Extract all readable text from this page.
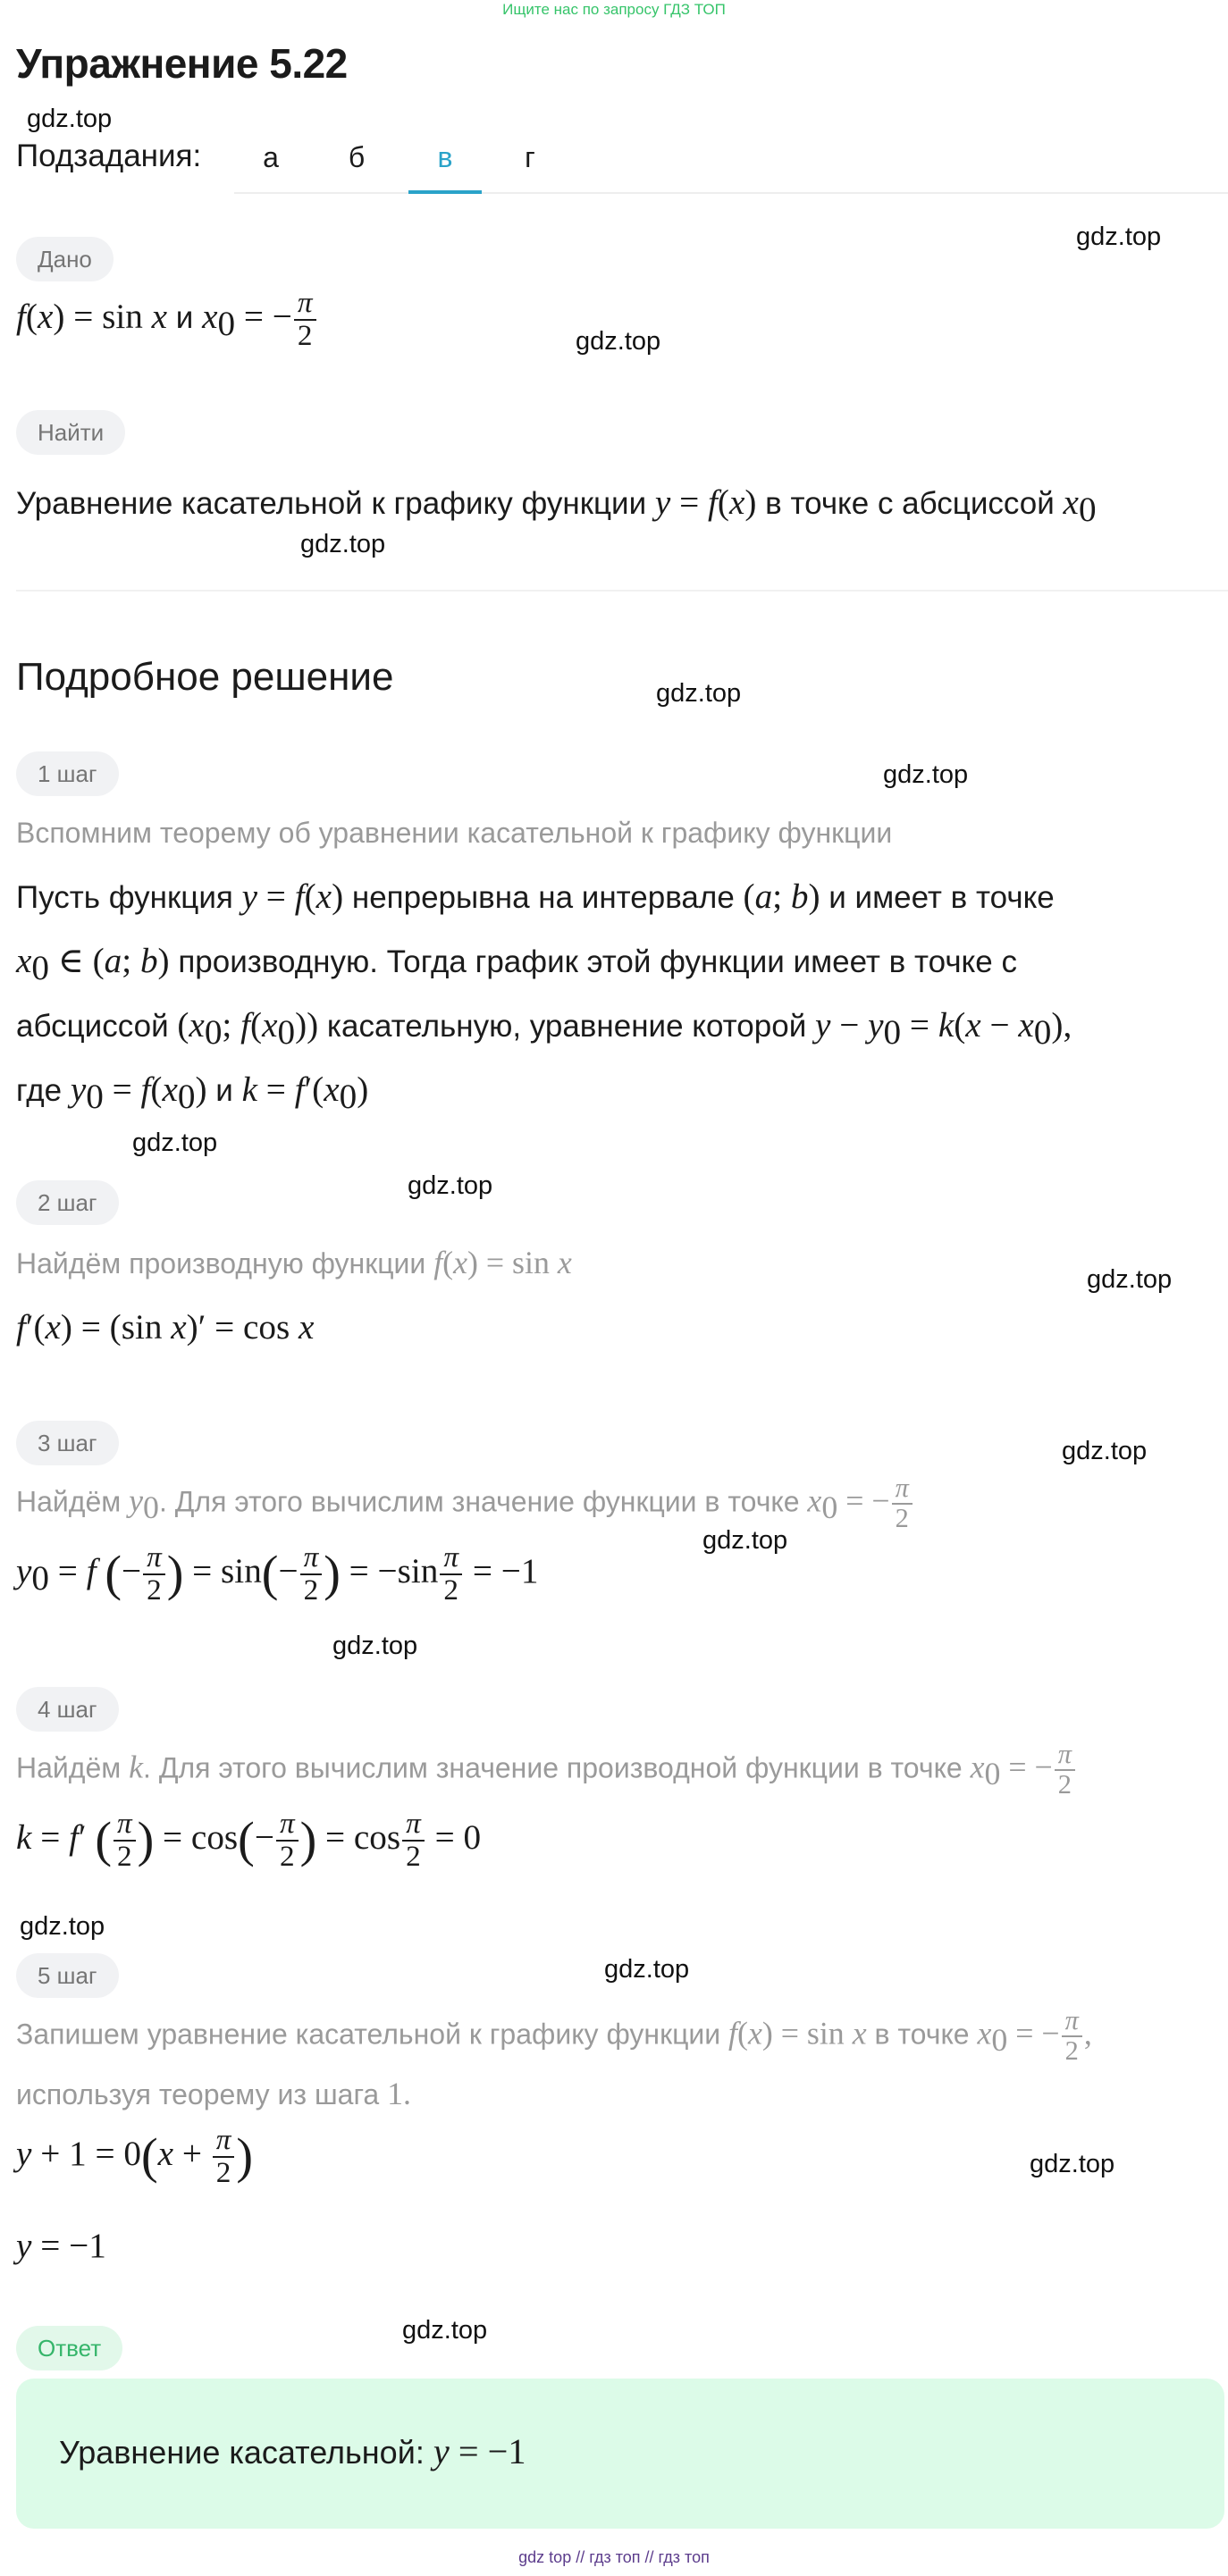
Ищите нас по запросу ГДЗ ТОП
Упражнение 5.22
gdz.top
gdz.top
gdz.top
gdz.top
gdz.top
gdz.top
gdz.top
gdz.top
gdz.top
gdz.top
gdz.top
gdz.top
gdz.top
gdz.top
gdz.top
gdz.top
Подзадания:	а	б	в	г
Дано
f(x) = sin x и $x_0$ = − $\frac{\pi}{2}$
Найти
Уравнение касательной к графику функции y = f(x) в точке с абсциссой $x_0$
Подробное решение
1 шаг
Вспомним теорему об уравнении касательной к графику функции
Пусть функция y = f(x) непрерывна на интервале (a; b) и имеет в точке
$x_0$ ∈ (a; b) производную. Тогда график этой функции имеет в точке с
абсциссой ($x_0$; $f(x_0)$) касательную, уравнение которой $y - y_0 = k(x - x_0)$,
где $y_0 = f(x_0)$ и $k = f'(x_0)$
2 шаг
Найдём производную функции f(x) = sin x
f′(x) = (sin x)′ = cos x
3 шаг
Найдём $y_0$. Для этого вычислим значение функции в точке $x_0$ = − $\frac{\pi}{2}$
$y_0 = f$ (− $\frac{\pi}{2}$ ) = $\sin(- \frac{\pi}{2}$ ) = $-\sin \frac{\pi}{2} = -1$
4 шаг
Найдём k. Для этого вычислим значение производной функции в точке $x_0$ = − $\frac{\pi}{2}$
k = f′ ( $\frac{\pi}{2}$ ) = $\cos(- \frac{\pi}{2}$ ) = $\cos \frac{\pi}{2} = 0$
5 шаг
Запишем уравнение касательной к графику функции f(x) = sin x в точке $x_0$ = − $\frac{\pi}{2}$ ,
используя теорему из шага 1.
$y + 1 = 0(x + \frac{\pi}{2}$ )
y = −1
Ответ
Уравнение касательной: y = −1
gdz top // гдз топ // гдз топ
